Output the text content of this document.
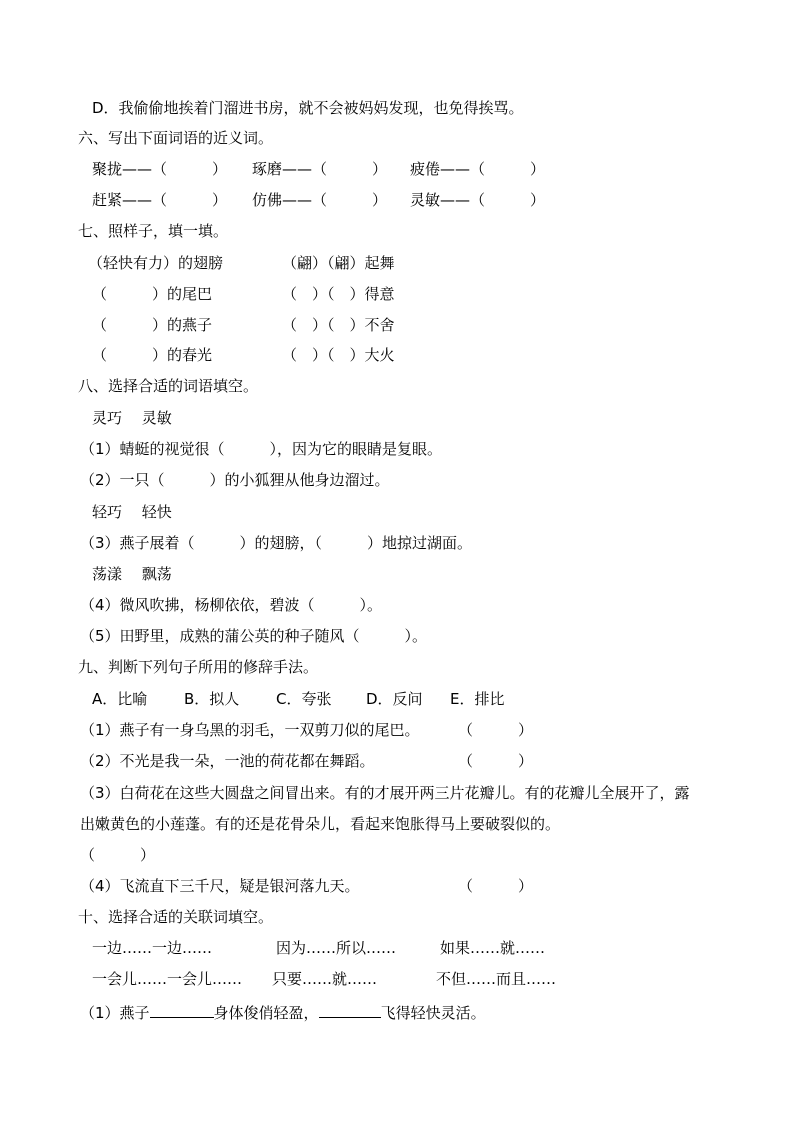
D．我偷偷地挨着门溜进书房，就不会被妈妈发现，也免得挨骂。
六、写出下面词语的近义词。
聚拢——（　　　） 琢磨——（　　　） 疲倦——（　　　）
赶紧——（　　　） 仿佛——（　　　） 灵敏——（　　　）
七、照样子，填一填。
（轻快有力）的翅膀	（翩）（翩）起舞
（　　　）的尾巴	（　）（　）得意
（　　　）的燕子	（　）（　）不舍
（　　　）的春光	（　）（　）大火
八、选择合适的词语填空。
灵巧　 灵敏
（1）蜻蜓的视觉很（　　　），因为它的眼睛是复眼。
（2）一只（　　　）的小狐狸从他身边溜过。
轻巧　 轻快
（3）燕子展着（　　　）的翅膀，（　　　）地掠过湖面。
荡漾　 飘荡
（4）微风吹拂，杨柳依依，碧波（　　　）。
（5）田野里，成熟的蒲公英的种子随风（　　　）。
九、判断下列句子所用的修辞手法。
A．比喻 B．拟人 C．夸张 D．反问 E．排比
（1）燕子有一身乌黑的羽毛，一双剪刀似的尾巴。	（　　　）
（2）不光是我一朵，一池的荷花都在舞蹈。	（　　　）
（3）白荷花在这些大圆盘之间冒出来。有的才展开两三片花瓣儿。有的花瓣儿全展开了，露
出嫩黄色的小莲蓬。有的还是花骨朵儿，看起来饱胀得马上要破裂似的。
（　　　）
（4）飞流直下三千尺，疑是银河落九天。	（　　　）
十、选择合适的关联词填空。
一边……一边……	因为……所以……	如果……就……
一会儿……一会儿…… 只要……就……	不但……而且……
（1）燕子	身体俊俏轻盈，	飞得轻快灵活。
